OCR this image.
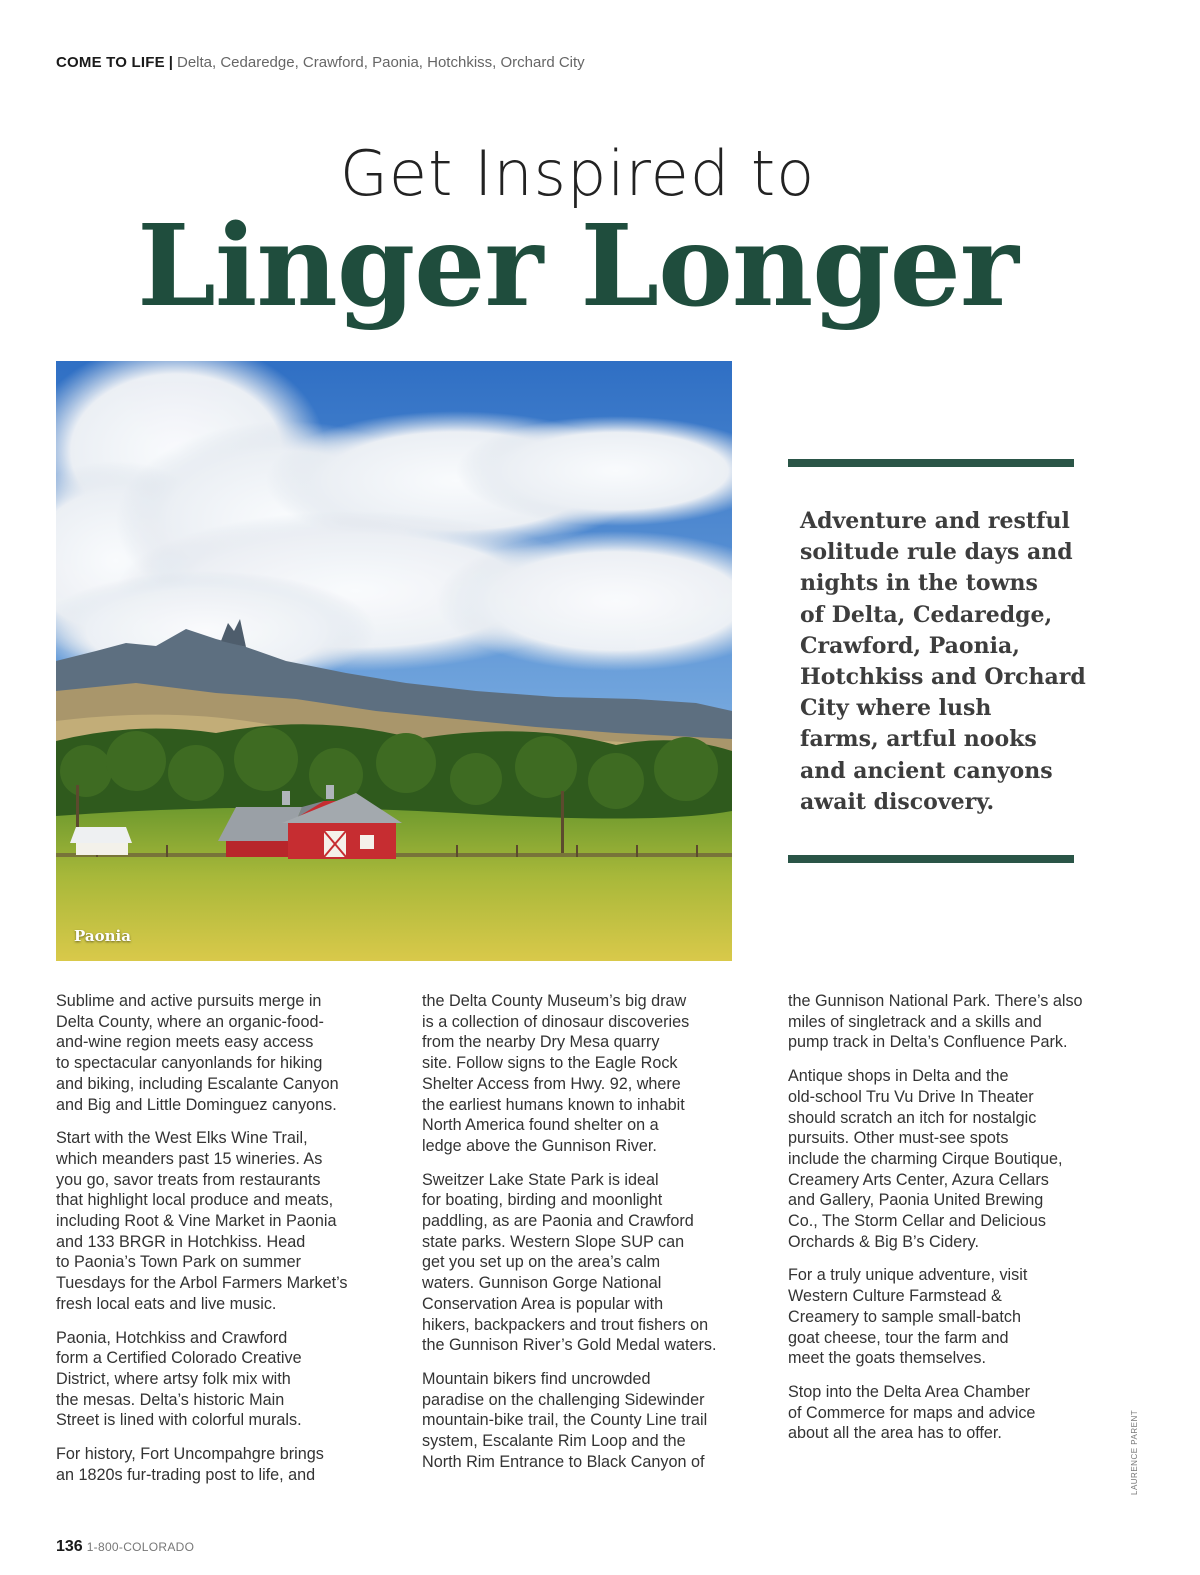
COME TO LIFE | Delta, Cedaredge, Crawford, Paonia, Hotchkiss, Orchard City
Get Inspired to
Linger Longer
Paonia
Adventure and restful
solitude rule days and
nights in the towns
of Delta, Cedaredge,
Crawford, Paonia,
Hotchkiss and Orchard
City where lush
farms, artful nooks
and ancient canyons
await discovery.

Sublime and active pursuits merge in
Delta County, where an organic-food-
and-wine region meets easy access
to spectacular canyonlands for hiking
and biking, including Escalante Canyon
and Big and Little Dominguez canyons.

Start with the West Elks Wine Trail,
which meanders past 15 wineries. As
you go, savor treats from restaurants
that highlight local produce and meats,
including Root & Vine Market in Paonia
and 133 BRGR in Hotchkiss. Head
to Paonia’s Town Park on summer
Tuesdays for the Arbol Farmers Market’s
fresh local eats and live music.

Paonia, Hotchkiss and Crawford
form a Certified Colorado Creative
District, where artsy folk mix with
the mesas. Delta’s historic Main
Street is lined with colorful murals.

For history, Fort Uncompahgre brings
an 1820s fur-trading post to life, and

the Delta County Museum’s big draw
is a collection of dinosaur discoveries
from the nearby Dry Mesa quarry
site. Follow signs to the Eagle Rock
Shelter Access from Hwy. 92, where
the earliest humans known to inhabit
North America found shelter on a
ledge above the Gunnison River.

Sweitzer Lake State Park is ideal
for boating, birding and moonlight
paddling, as are Paonia and Crawford
state parks. Western Slope SUP can
get you set up on the area’s calm
waters. Gunnison Gorge National
Conservation Area is popular with
hikers, backpackers and trout fishers on
the Gunnison River’s Gold Medal waters.

Mountain bikers find uncrowded
paradise on the challenging Sidewinder
mountain-bike trail, the County Line trail
system, Escalante Rim Loop and the
North Rim Entrance to Black Canyon of

the Gunnison National Park. There’s also
miles of singletrack and a skills and
pump track in Delta’s Confluence Park.

Antique shops in Delta and the
old-school Tru Vu Drive In Theater
should scratch an itch for nostalgic
pursuits. Other must-see spots
include the charming Cirque Boutique,
Creamery Arts Center, Azura Cellars
and Gallery, Paonia United Brewing
Co., The Storm Cellar and Delicious
Orchards & Big B’s Cidery.

For a truly unique adventure, visit
Western Culture Farmstead &
Creamery to sample small-batch
goat cheese, tour the farm and
meet the goats themselves.

Stop into the Delta Area Chamber
of Commerce for maps and advice
about all the area has to offer.	LAURENCE PARENT
136 1-800-COLORADO
